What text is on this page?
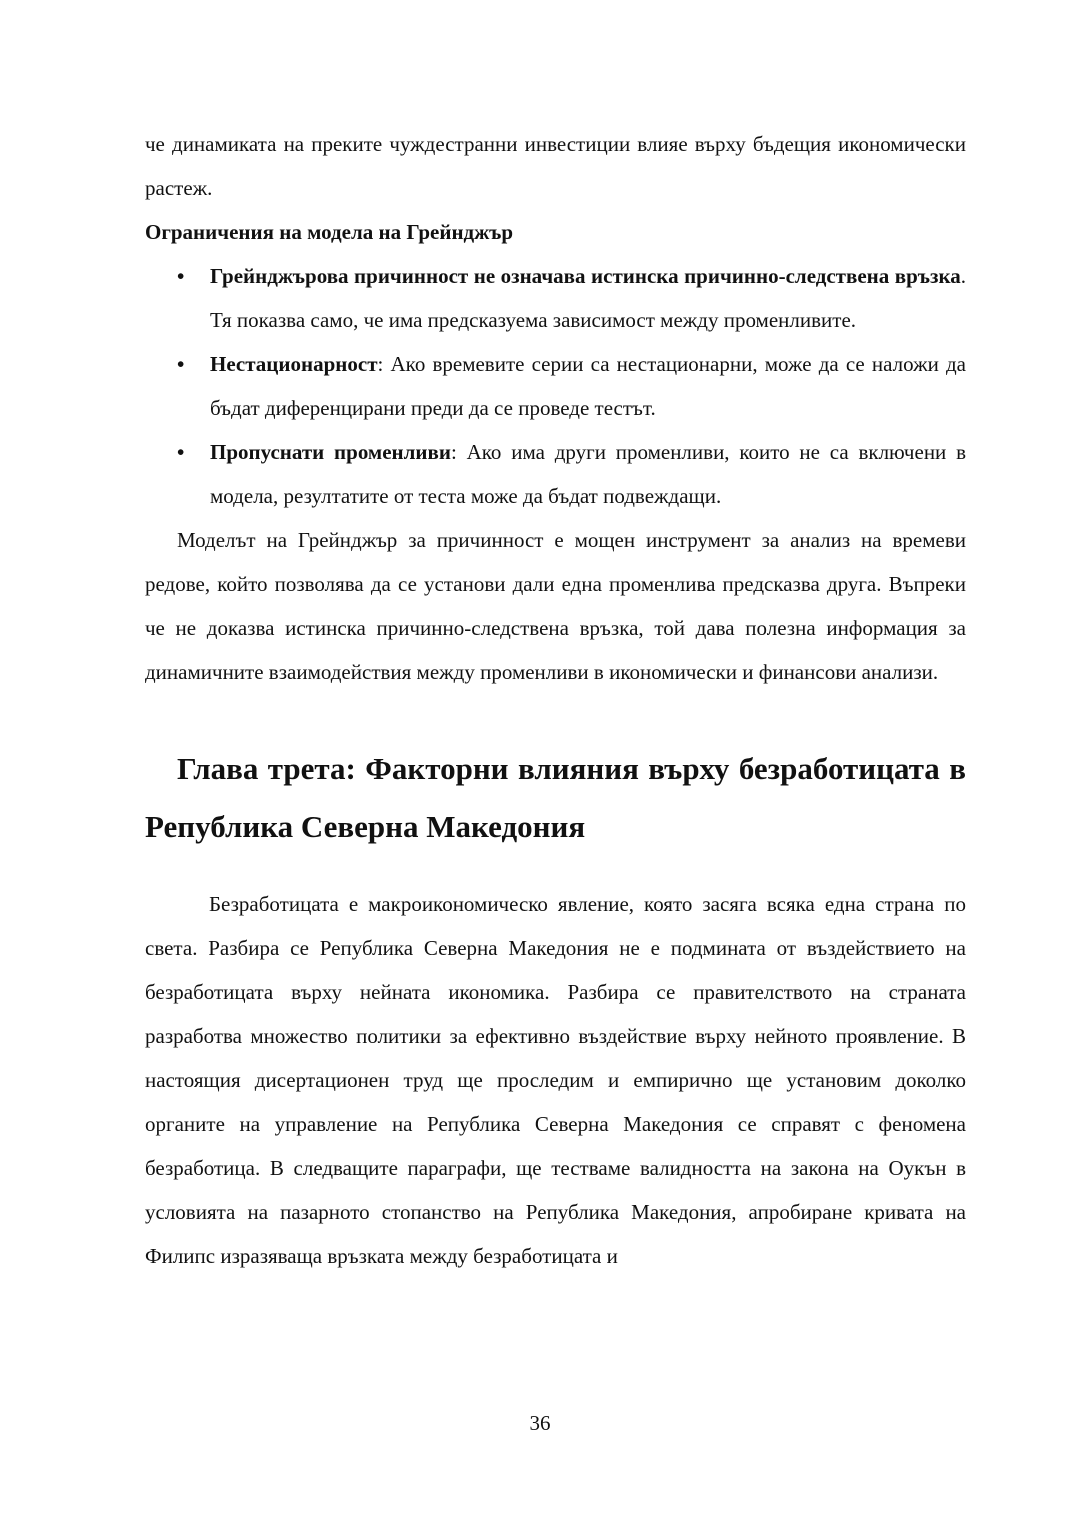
че динамиката на преките чуждестранни инвестиции влияе върху бъдещия икономически растеж.

Ограничения на модела на Грейнджър

• Грейнджърова причинност не означава истинска причинно-следствена връзка. Тя показва само, че има предсказуема зависимост между променливите.
• Нестационарност: Ако времевите серии са нестационарни, може да се наложи да бъдат диференцирани преди да се проведе тестът.
• Пропуснати променливи: Ако има други променливи, които не са включени в модела, резултатите от теста може да бъдат подвеждащи.

Моделът на Грейнджър за причинност е мощен инструмент за анализ на времеви редове, който позволява да се установи дали една променлива предсказва друга. Въпреки че не доказва истинска причинно-следствена връзка, той дава полезна информация за динамичните взаимодействия между променливи в икономически и финансови анализи.

Глава трета: Факторни влияния върху безработицата в Република Северна Македония

Безработицата е макроикономическо явление, която засяга всяка една страна по света. Разбира се Република Северна Македония не е подмината от въздействието на безработицата върху нейната икономика. Разбира се правителството на страната разработва множество политики за ефективно въздействие върху нейното проявление. В настоящия дисертационен труд ще проследим и емпирично ще установим доколко органите на управление на Република Северна Македония се справят с феномена безработица. В следващите параграфи, ще тестваме валидността на закона на Оукън в условията на пазарното стопанство на Република Македония, апробиране кривата на Филипс изразяваща връзката между безработицата и

36
